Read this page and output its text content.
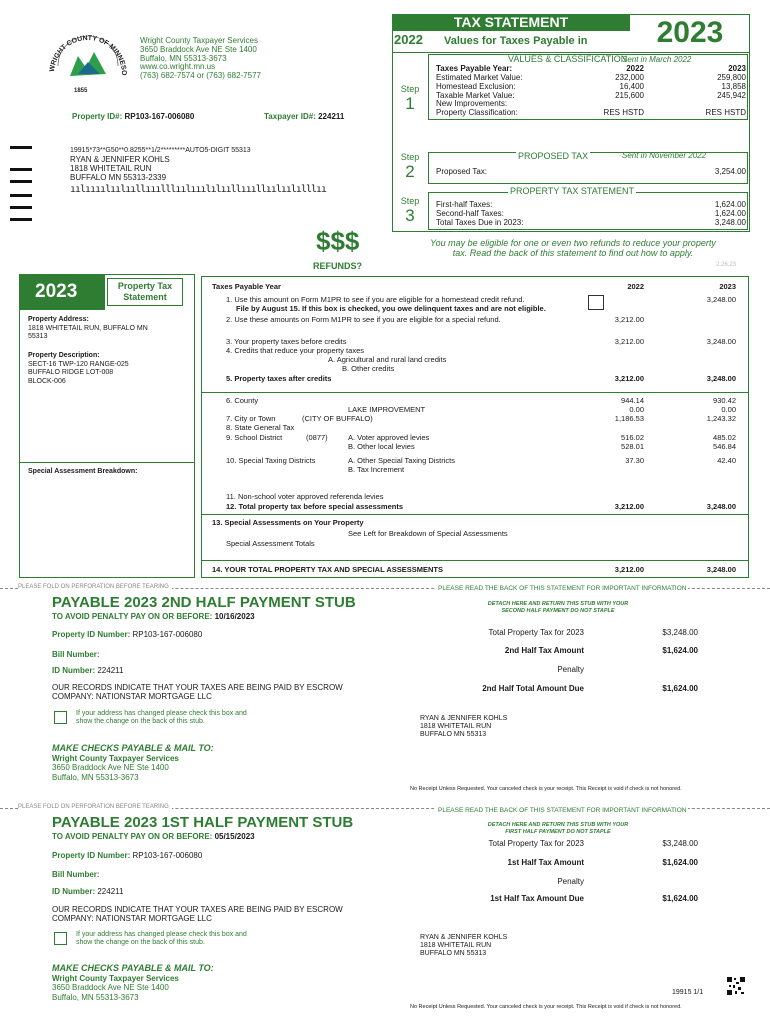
WRIGHT COUNTY OF MINNESO
1855
Wright County Taxpayer Services
3650 Braddock Ave NE Ste 1400
Buffalo, MN 55313-3673
www.co.wright.mn.us
(763) 682-7574 or (763) 682-7577
Property ID#: RP103-167-006080	Taxpayer ID#: 224211
19915*73**G50**0.8255**1/2*********AUTO5-DIGIT 55313
RYAN & JENNIFER KOHLS
1818 WHITETAIL RUN
BUFFALO MN 55313-2339
ıılıııılıılııllııılllıılııılılııllıııllıılıılılllıı
TAX STATEMENT
2022 Values for Taxes Payable in	2023
Step
1
VALUES & CLASSIFICATION
Sent in March 2022
Taxes Payable Year:	2022	2023
Estimated Market Value:	232,000	259,800
Homestead Exclusion:	16,400	13,858
Taxable Market Value:	215,600	245,942
New Improvements:
Property Classification:	RES HSTD	RES HSTD
Step
2
PROPOSED TAX	Sent in November 2022
Proposed Tax:	3,254.00
Step
3
PROPERTY TAX STATEMENT
First-half Taxes:	1,624.00
Second-half Taxes:	1,624.00
Total Taxes Due in 2023:	3,248.00
$$$
REFUNDS?
You may be eligible for one or even two refunds to reduce your property
tax. Read the back of this statement to find out how to apply.
2.26.23
2023	Property Tax
Statement
Property Address:
1818 WHITETAIL RUN, BUFFALO MN
55313
Property Description:
SECT-16 TWP-120 RANGE-025
BUFFALO RIDGE LOT-008
BLOCK-006
Special Assessment Breakdown:
Taxes Payable Year	2022	2023
1. Use this amount on Form M1PR to see if you are eligible for a homestead credit refund.
File by August 15. If this box is checked, you owe delinquent taxes and are not eligible.
3,248.00
2. Use these amounts on Form M1PR to see if you are eligible for a special refund.	3,212.00
3. Your property taxes before credits	3,212.00	3,248.00
4. Credits that reduce your property taxes
A. Agricultural and rural land credits
B. Other credits
5. Property taxes after credits	3,212.00	3,248.00
6. County	944.14	930.42
LAKE IMPROVEMENT	0.00	0.00
7. City or Town	(CITY OF BUFFALO)	1,186.53	1,243.32
8. State General Tax
9. School District	(0877)	A. Voter approved levies	516.02	485.02
B. Other local levies	528.01	546.84
10. Special Taxing Districts	A. Other Special Taxing Districts	37.30	42.40
B. Tax Increment
11. Non-school voter approved referenda levies
12. Total property tax before special assessments	3,212.00	3,248.00
13. Special Assessments on Your Property
See Left for Breakdown of Special Assessments
Special Assessment Totals
14. YOUR TOTAL PROPERTY TAX AND SPECIAL ASSESSMENTS	3,212.00	3,248.00
PLEASE FOLD ON PERFORATION BEFORE TEARING	PLEASE READ THE BACK OF THIS STATEMENT FOR IMPORTANT INFORMATION
PAYABLE 2023 2ND HALF PAYMENT STUB
TO AVOID PENALTY PAY ON OR BEFORE: 10/16/2023
DETACH HERE AND RETURN THIS STUB WITH YOUR
SECOND HALF PAYMENT DO NOT STAPLE
Property ID Number: RP103-167-006080
Bill Number:
ID Number: 224211
Total Property Tax for 2023	$3,248.00
2nd Half Tax Amount	$1,624.00
Penalty
2nd Half Total Amount Due	$1,624.00
OUR RECORDS INDICATE THAT YOUR TAXES ARE BEING PAID BY ESCROW
COMPANY: NATIONSTAR MORTGAGE LLC
If your address has changed please check this box and
show the change on the back of this stub.	RYAN & JENNIFER KOHLS
1818 WHITETAIL RUN
BUFFALO MN 55313
MAKE CHECKS PAYABLE & MAIL TO:
Wright County Taxpayer Services
3650 Braddock Ave NE Ste 1400
Buffalo, MN 55313-3673
No Receipt Unless Requested. Your canceled check is your receipt. This Receipt is void if check is not honored.
PLEASE FOLD ON PERFORATION BEFORE TEARING	PLEASE READ THE BACK OF THIS STATEMENT FOR IMPORTANT INFORMATION
PAYABLE 2023 1ST HALF PAYMENT STUB
TO AVOID PENALTY PAY ON OR BEFORE: 05/15/2023
DETACH HERE AND RETURN THIS STUB WITH YOUR
FIRST HALF PAYMENT DO NOT STAPLE
Property ID Number: RP103-167-006080
Bill Number:
ID Number: 224211
Total Property Tax for 2023	$3,248.00
1st Half Tax Amount	$1,624.00
Penalty
1st Half Tax Amount Due	$1,624.00
OUR RECORDS INDICATE THAT YOUR TAXES ARE BEING PAID BY ESCROW
COMPANY: NATIONSTAR MORTGAGE LLC
If your address has changed please check this box and
show the change on the back of this stub.
RYAN & JENNIFER KOHLS
1818 WHITETAIL RUN
BUFFALO MN 55313
MAKE CHECKS PAYABLE & MAIL TO:
Wright County Taxpayer Services
3650 Braddock Ave NE Ste 1400
Buffalo, MN 55313-3673	19915 1/1
No Receipt Unless Requested. Your canceled check is your receipt. This Receipt is void if check is not honored.
